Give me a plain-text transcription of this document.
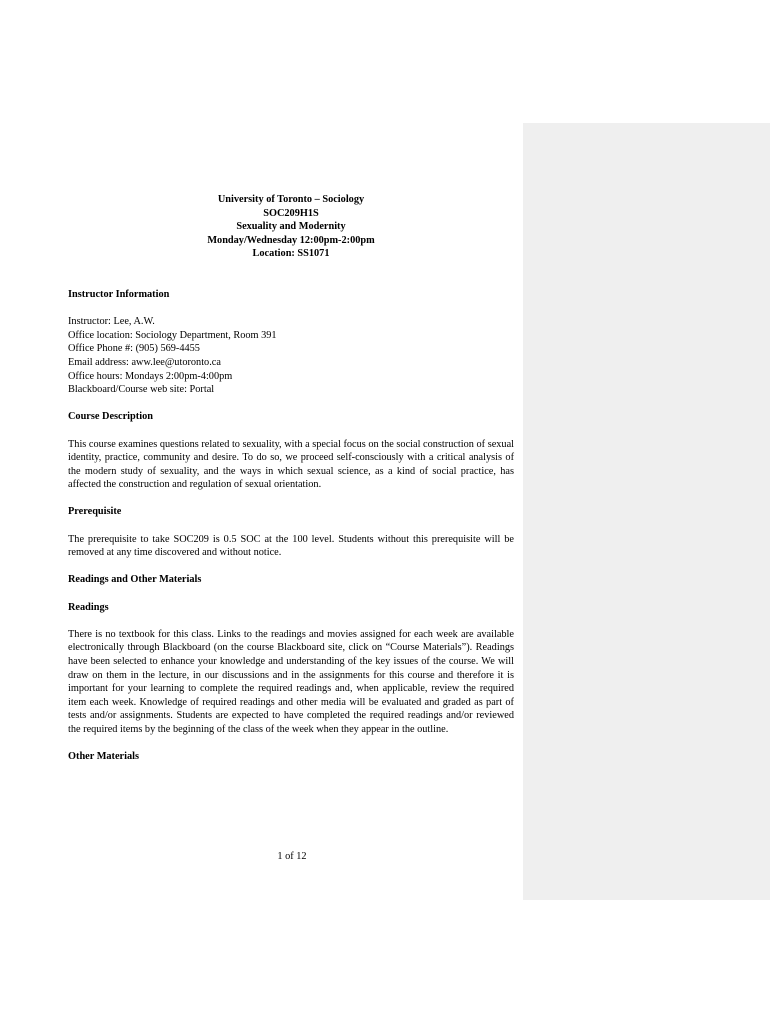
University of Toronto – Sociology
SOC209H1S
Sexuality and Modernity
Monday/Wednesday 12:00pm-2:00pm
Location: SS1071
Instructor Information
Instructor: Lee, A.W.
Office location: Sociology Department, Room 391
Office Phone #: (905) 569-4455
Email address: aww.lee@utoronto.ca
Office hours: Mondays 2:00pm-4:00pm
Blackboard/Course web site: Portal
Course Description
This course examines questions related to sexuality, with a special focus on the social construction of sexual identity, practice, community and desire. To do so, we proceed self-consciously with a critical analysis of the modern study of sexuality, and the ways in which sexual science, as a kind of social practice, has affected the construction and regulation of sexual orientation.
Prerequisite
The prerequisite to take SOC209 is 0.5 SOC at the 100 level. Students without this prerequisite will be removed at any time discovered and without notice.
Readings and Other Materials
Readings
There is no textbook for this class. Links to the readings and movies assigned for each week are available electronically through Blackboard (on the course Blackboard site, click on “Course Materials”). Readings have been selected to enhance your knowledge and understanding of the key issues of the course. We will draw on them in the lecture, in our discussions and in the assignments for this course and therefore it is important for your learning to complete the required readings and, when applicable, review the required item each week. Knowledge of required readings and other media will be evaluated and graded as part of tests and/or assignments. Students are expected to have completed the required readings and/or reviewed the required items by the beginning of the class of the week when they appear in the outline.
Other Materials
1 of 12
